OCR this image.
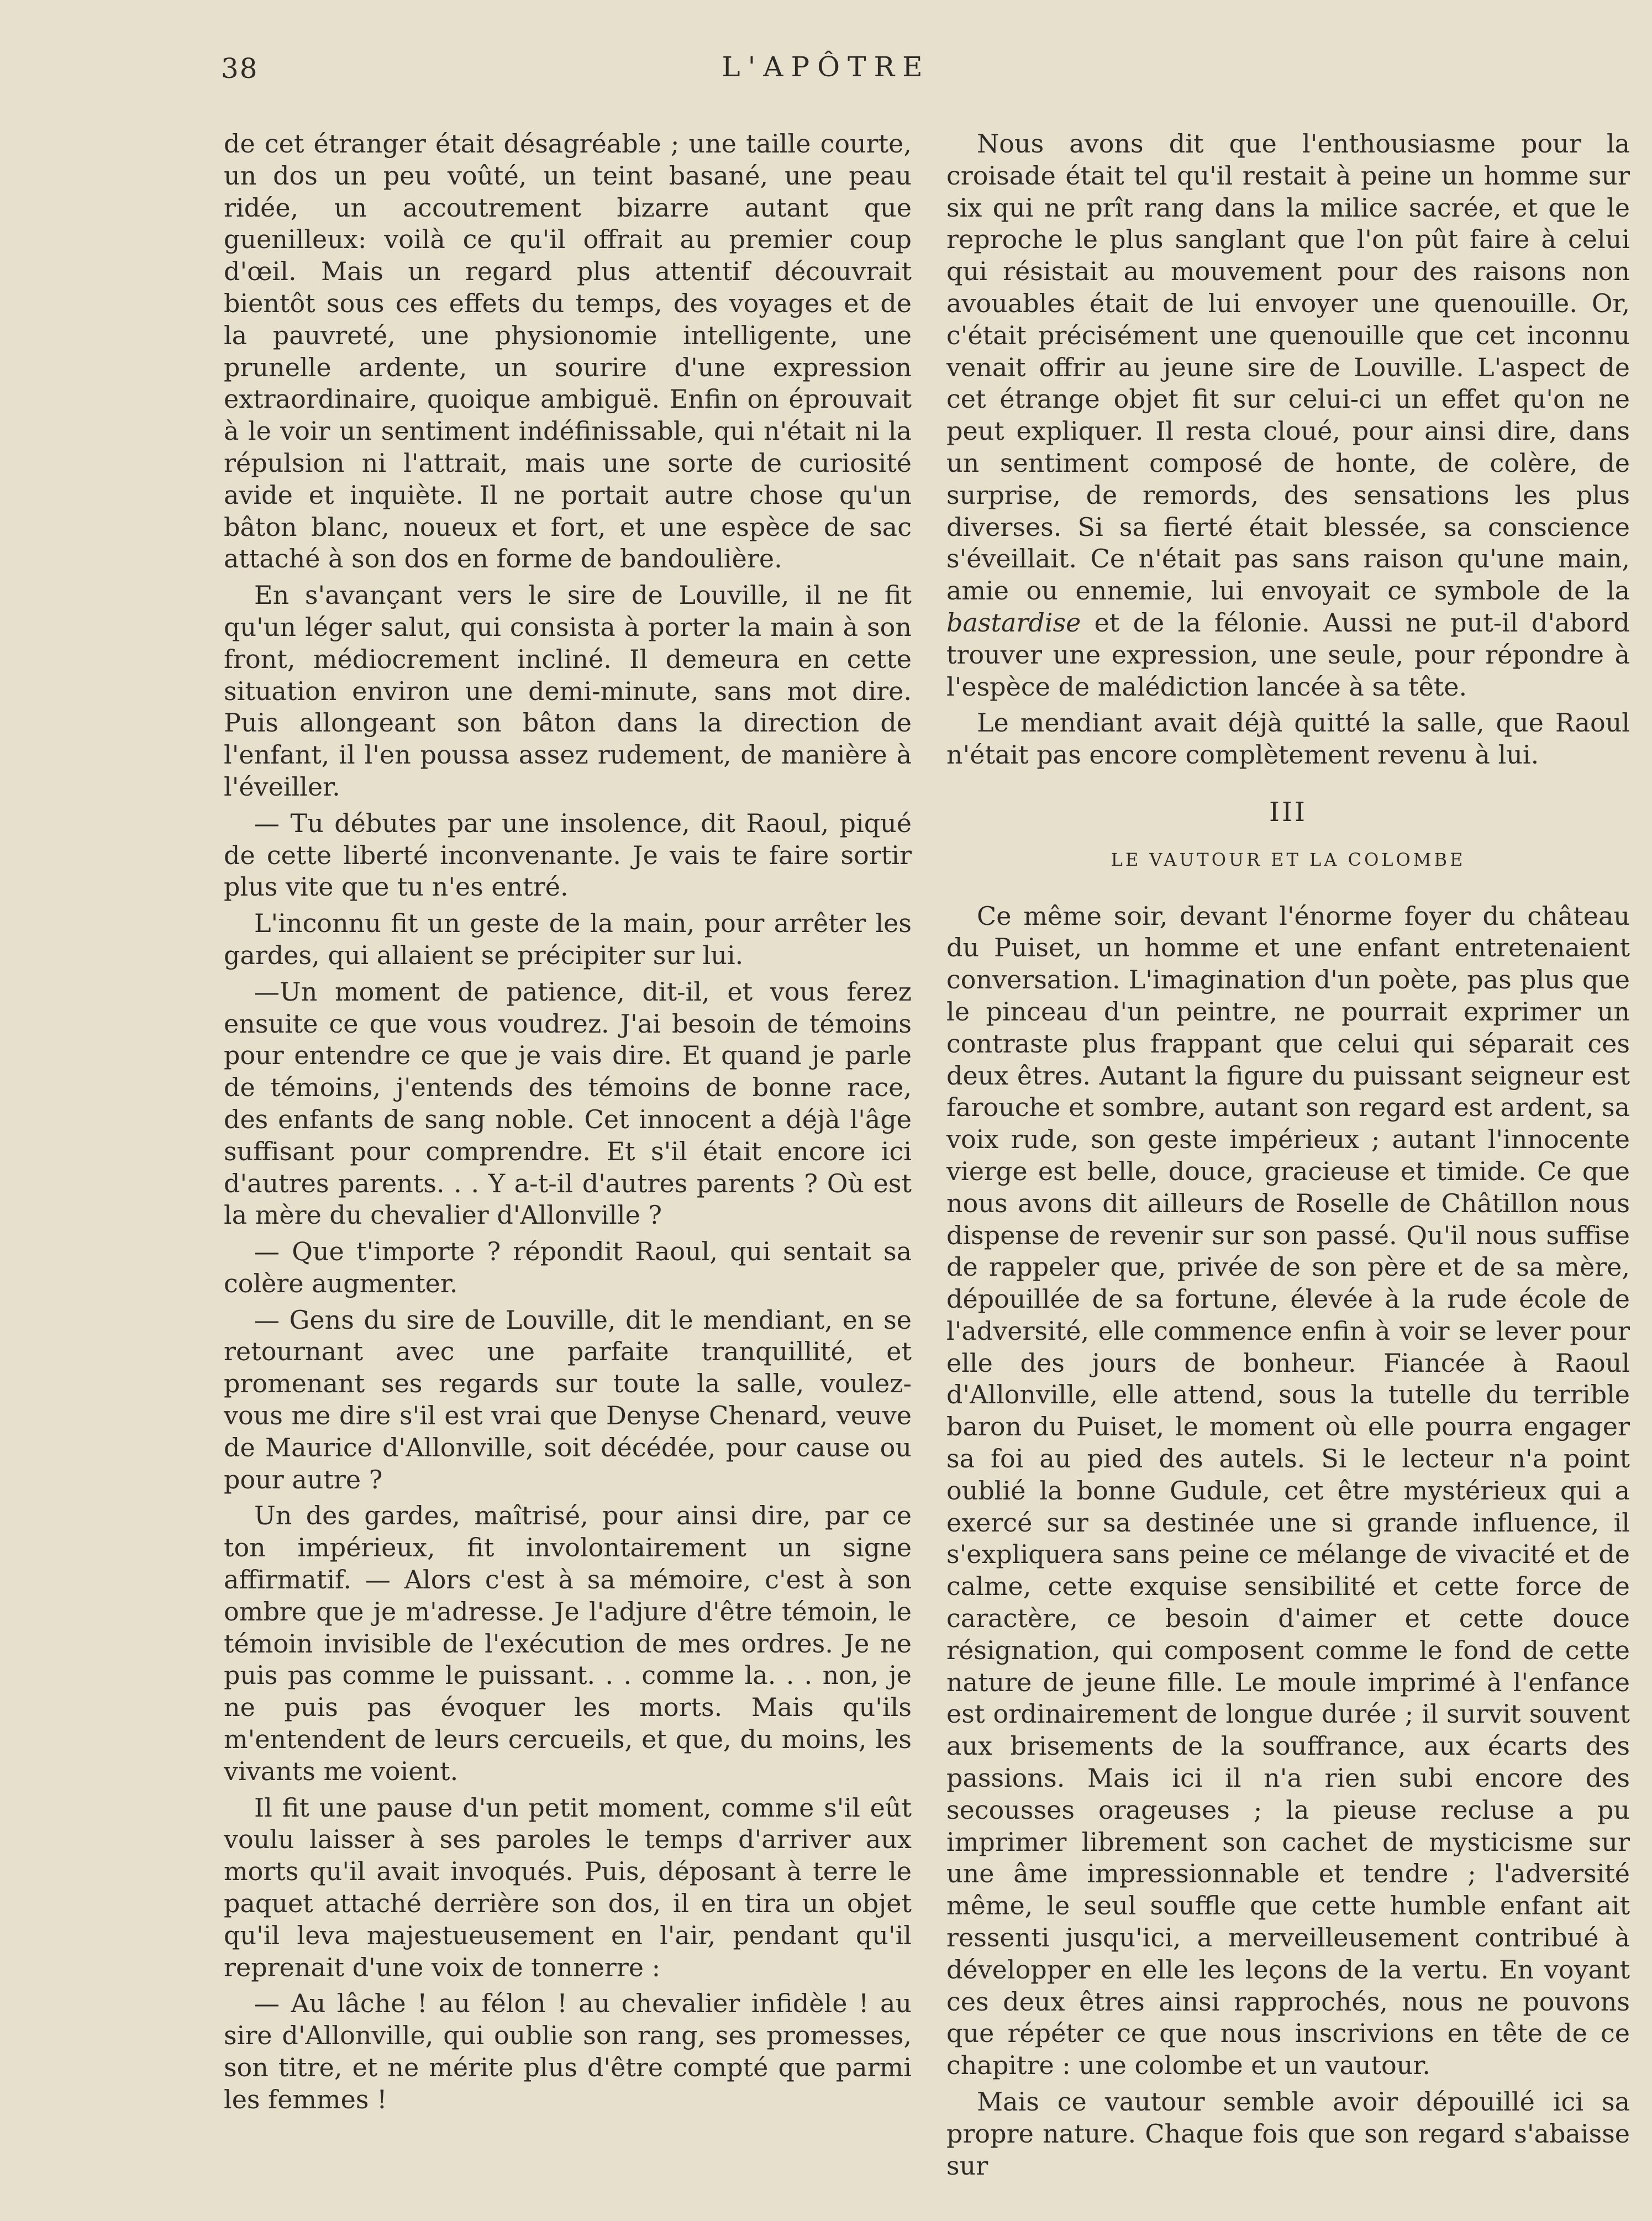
38	L'APÔTRE

de cet étranger était désagréable ; une taille courte, un dos un peu voûté, un teint basané, une peau ridée, un accoutrement bizarre autant que guenilleux: voilà ce qu'il offrait au premier coup d'œil. Mais un regard plus attentif découvrait bientôt sous ces effets du temps, des voyages et de la pauvreté, une physionomie intelligente, une prunelle ardente, un sourire d'une expression extraordinaire, quoique ambiguë. Enfin on éprouvait à le voir un sentiment indéfinissable, qui n'était ni la répulsion ni l'attrait, mais une sorte de curiosité avide et inquiète. Il ne portait autre chose qu'un bâton blanc, noueux et fort, et une espèce de sac attaché à son dos en forme de bandoulière.

En s'avançant vers le sire de Louville, il ne fit qu'un léger salut, qui consista à porter la main à son front, médiocrement incliné. Il demeura en cette situation environ une demi-minute, sans mot dire. Puis allongeant son bâton dans la direction de l'enfant, il l'en poussa assez rudement, de manière à l'éveiller.

— Tu débutes par une insolence, dit Raoul, piqué de cette liberté inconvenante. Je vais te faire sortir plus vite que tu n'es entré.

L'inconnu fit un geste de la main, pour arrêter les gardes, qui allaient se précipiter sur lui.

—Un moment de patience, dit-il, et vous ferez ensuite ce que vous voudrez. J'ai besoin de témoins pour entendre ce que je vais dire. Et quand je parle de témoins, j'entends des témoins de bonne race, des enfants de sang noble. Cet innocent a déjà l'âge suffisant pour comprendre. Et s'il était encore ici d'autres parents. . . Y a-t-il d'autres parents ? Où est la mère du chevalier d'Allonville ?

— Que t'importe ? répondit Raoul, qui sentait sa colère augmenter.

— Gens du sire de Louville, dit le mendiant, en se retournant avec une parfaite tranquillité, et promenant ses regards sur toute la salle, voulez-vous me dire s'il est vrai que Denyse Chenard, veuve de Maurice d'Allonville, soit décédée, pour cause ou pour autre ?

Un des gardes, maîtrisé, pour ainsi dire, par ce ton impérieux, fit involontairement un signe affirmatif. — Alors c'est à sa mémoire, c'est à son ombre que je m'adresse. Je l'adjure d'être témoin, le témoin invisible de l'exécution de mes ordres. Je ne puis pas comme le puissant. . . comme la. . . non, je ne puis pas évoquer les morts. Mais qu'ils m'entendent de leurs cercueils, et que, du moins, les vivants me voient.

Il fit une pause d'un petit moment, comme s'il eût voulu laisser à ses paroles le temps d'arriver aux morts qu'il avait invoqués. Puis, déposant à terre le paquet attaché derrière son dos, il en tira un objet qu'il leva majestueusement en l'air, pendant qu'il reprenait d'une voix de tonnerre :

— Au lâche ! au félon ! au chevalier infidèle ! au sire d'Allonville, qui oublie son rang, ses promesses, son titre, et ne mérite plus d'être compté que parmi les femmes !

Nous avons dit que l'enthousiasme pour la croisade était tel qu'il restait à peine un homme sur six qui ne prît rang dans la milice sacrée, et que le reproche le plus sanglant que l'on pût faire à celui qui résistait au mouvement pour des raisons non avouables était de lui envoyer une quenouille. Or, c'était précisément une quenouille que cet inconnu venait offrir au jeune sire de Louville. L'aspect de cet étrange objet fit sur celui-ci un effet qu'on ne peut expliquer. Il resta cloué, pour ainsi dire, dans un sentiment composé de honte, de colère, de surprise, de remords, des sensations les plus diverses. Si sa fierté était blessée, sa conscience s'éveillait. Ce n'était pas sans raison qu'une main, amie ou ennemie, lui envoyait ce symbole de la bastardise et de la félonie. Aussi ne put-il d'abord trouver une expression, une seule, pour répondre à l'espèce de malédiction lancée à sa tête.

Le mendiant avait déjà quitté la salle, que Raoul n'était pas encore complètement revenu à lui.

III
LE VAUTOUR ET LA COLOMBE

Ce même soir, devant l'énorme foyer du château du Puiset, un homme et une enfant entretenaient conversation. L'imagination d'un poète, pas plus que le pinceau d'un peintre, ne pourrait exprimer un contraste plus frappant que celui qui séparait ces deux êtres. Autant la figure du puissant seigneur est farouche et sombre, autant son regard est ardent, sa voix rude, son geste impérieux ; autant l'innocente vierge est belle, douce, gracieuse et timide. Ce que nous avons dit ailleurs de Roselle de Châtillon nous dispense de revenir sur son passé. Qu'il nous suffise de rappeler que, privée de son père et de sa mère, dépouillée de sa fortune, élevée à la rude école de l'adversité, elle commence enfin à voir se lever pour elle des jours de bonheur. Fiancée à Raoul d'Allonville, elle attend, sous la tutelle du terrible baron du Puiset, le moment où elle pourra engager sa foi au pied des autels. Si le lecteur n'a point oublié la bonne Gudule, cet être mystérieux qui a exercé sur sa destinée une si grande influence, il s'expliquera sans peine ce mélange de vivacité et de calme, cette exquise sensibilité et cette force de caractère, ce besoin d'aimer et cette douce résignation, qui composent comme le fond de cette nature de jeune fille. Le moule imprimé à l'enfance est ordinairement de longue durée ; il survit souvent aux brisements de la souffrance, aux écarts des passions. Mais ici il n'a rien subi encore des secousses orageuses ; la pieuse recluse a pu imprimer librement son cachet de mysticisme sur une âme impressionnable et tendre ; l'adversité même, le seul souffle que cette humble enfant ait ressenti jusqu'ici, a merveilleusement contribué à développer en elle les leçons de la vertu. En voyant ces deux êtres ainsi rapprochés, nous ne pouvons que répéter ce que nous inscrivions en tête de ce chapitre : une colombe et un vautour.

Mais ce vautour semble avoir dépouillé ici sa propre nature. Chaque fois que son regard s'abaisse sur
